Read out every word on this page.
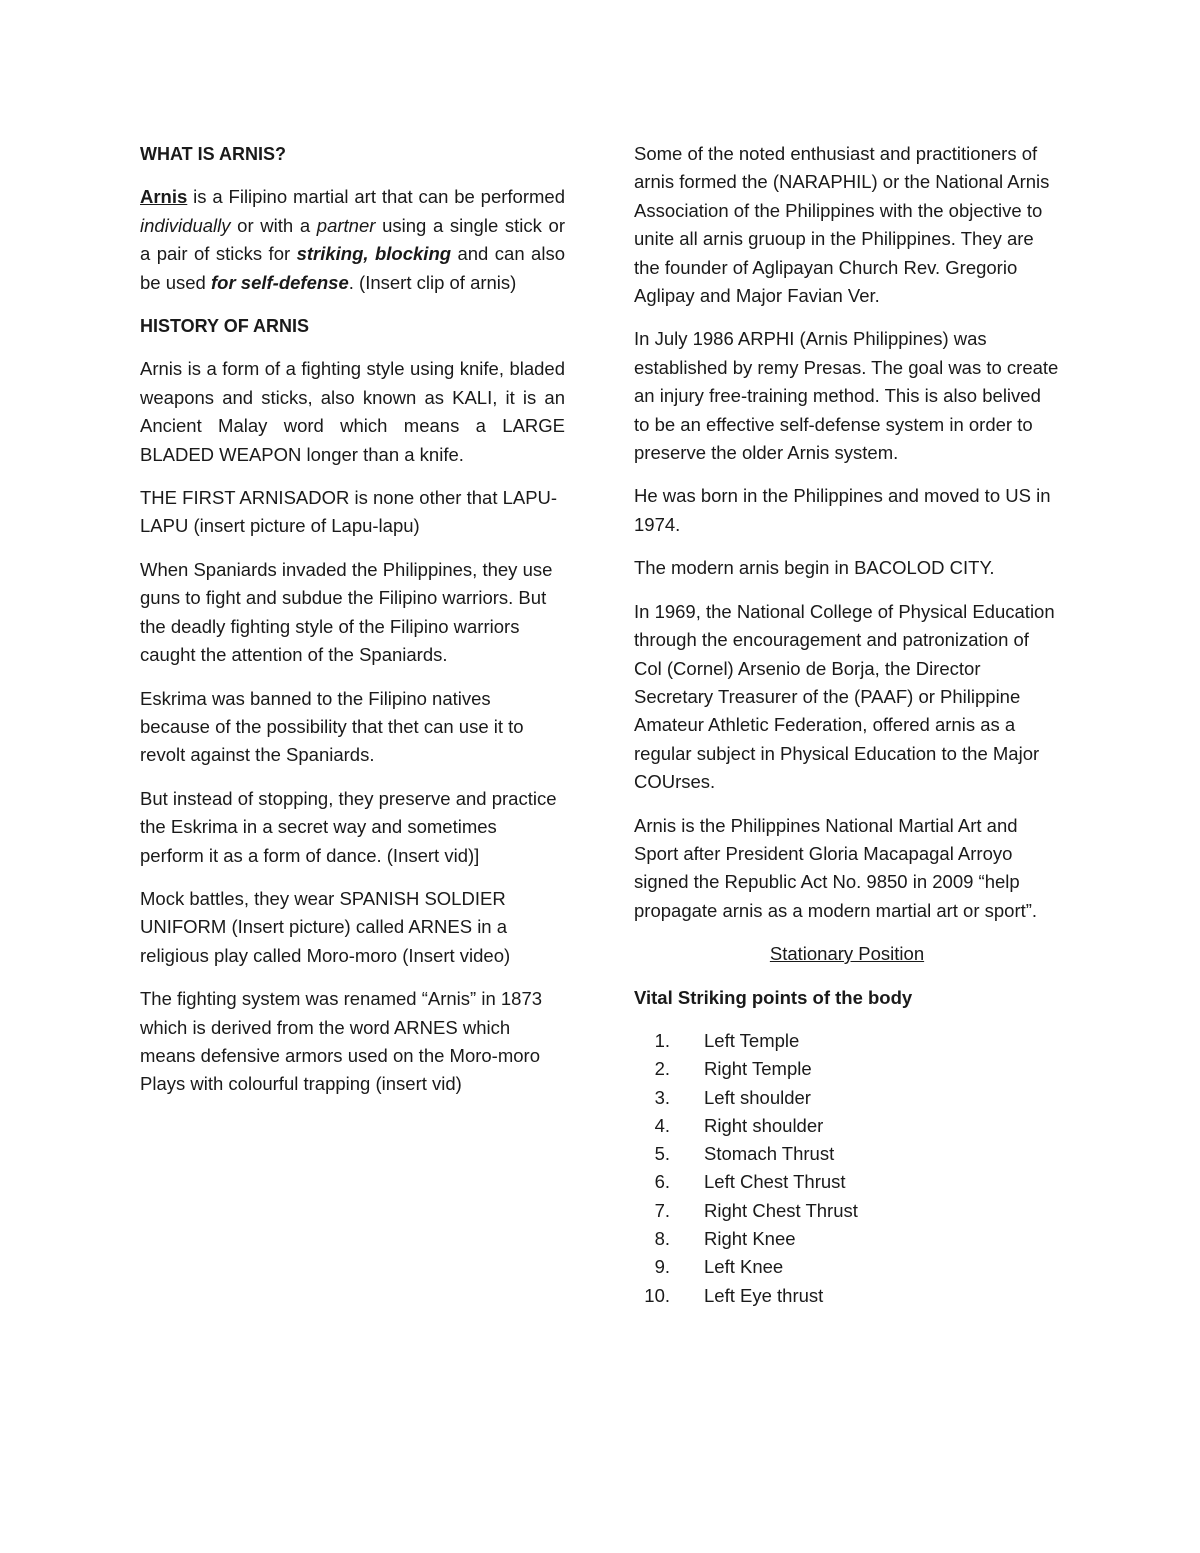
WHAT IS ARNIS?

Arnis is a Filipino martial art that can be performed individually or with a partner using a single stick or a pair of sticks for striking, blocking and can also be used for self-defense. (Insert clip of arnis)

HISTORY OF ARNIS

Arnis is a form of a fighting style using knife, bladed weapons and sticks, also known as KALI, it is an Ancient Malay word which means a LARGE BLADED WEAPON longer than a knife.

THE FIRST ARNISADOR is none other that LAPU-LAPU (insert picture of Lapu-lapu)

When Spaniards invaded the Philippines, they use guns to fight and subdue the Filipino warriors. But the deadly fighting style of the Filipino warriors caught the attention of the Spaniards.

Eskrima was banned to the Filipino natives because of the possibility that thet can use it to revolt against the Spaniards.

But instead of stopping, they preserve and practice the Eskrima in a secret way and sometimes perform it as a form of dance. (Insert vid)]

Mock battles, they wear SPANISH SOLDIER UNIFORM (Insert picture) called ARNES in a religious play called Moro-moro (Insert video)

The fighting system was renamed “Arnis” in 1873 which is derived from the word ARNES which means defensive armors used on the Moro-moro Plays with colourful trapping (insert vid)

Some of the noted enthusiast and practitioners of arnis formed the (NARAPHIL) or the National Arnis Association of the Philippines with the objective to unite all arnis gruoup in the Philippines. They are the founder of Aglipayan Church Rev. Gregorio Aglipay and Major Favian Ver.

In July 1986 ARPHI (Arnis Philippines) was established by remy Presas. The goal was to create an injury free-training method. This is also belived to be an effective self-defense system in order to preserve the older Arnis system.

He was born in the Philippines and moved to US in 1974.

The modern arnis begin in BACOLOD CITY.

In 1969, the National College of Physical Education through the encouragement and patronization of Col (Cornel) Arsenio de Borja, the Director Secretary Treasurer of the (PAAF) or Philippine Amateur Athletic Federation, offered arnis as a regular subject in Physical Education to the Major COUrses.

Arnis is the Philippines National Martial Art and Sport after President Gloria Macapagal Arroyo signed the Republic Act No. 9850 in 2009 “help propagate arnis as a modern martial art or sport”.

Stationary Position

Vital Striking points of the body

1.	Left Temple
2.	Right Temple
3.	Left shoulder
4.	Right shoulder
5.	Stomach Thrust
6.	Left Chest Thrust
7.	Right Chest Thrust
8.	Right Knee
9.	Left Knee
10.	Left Eye thrust
